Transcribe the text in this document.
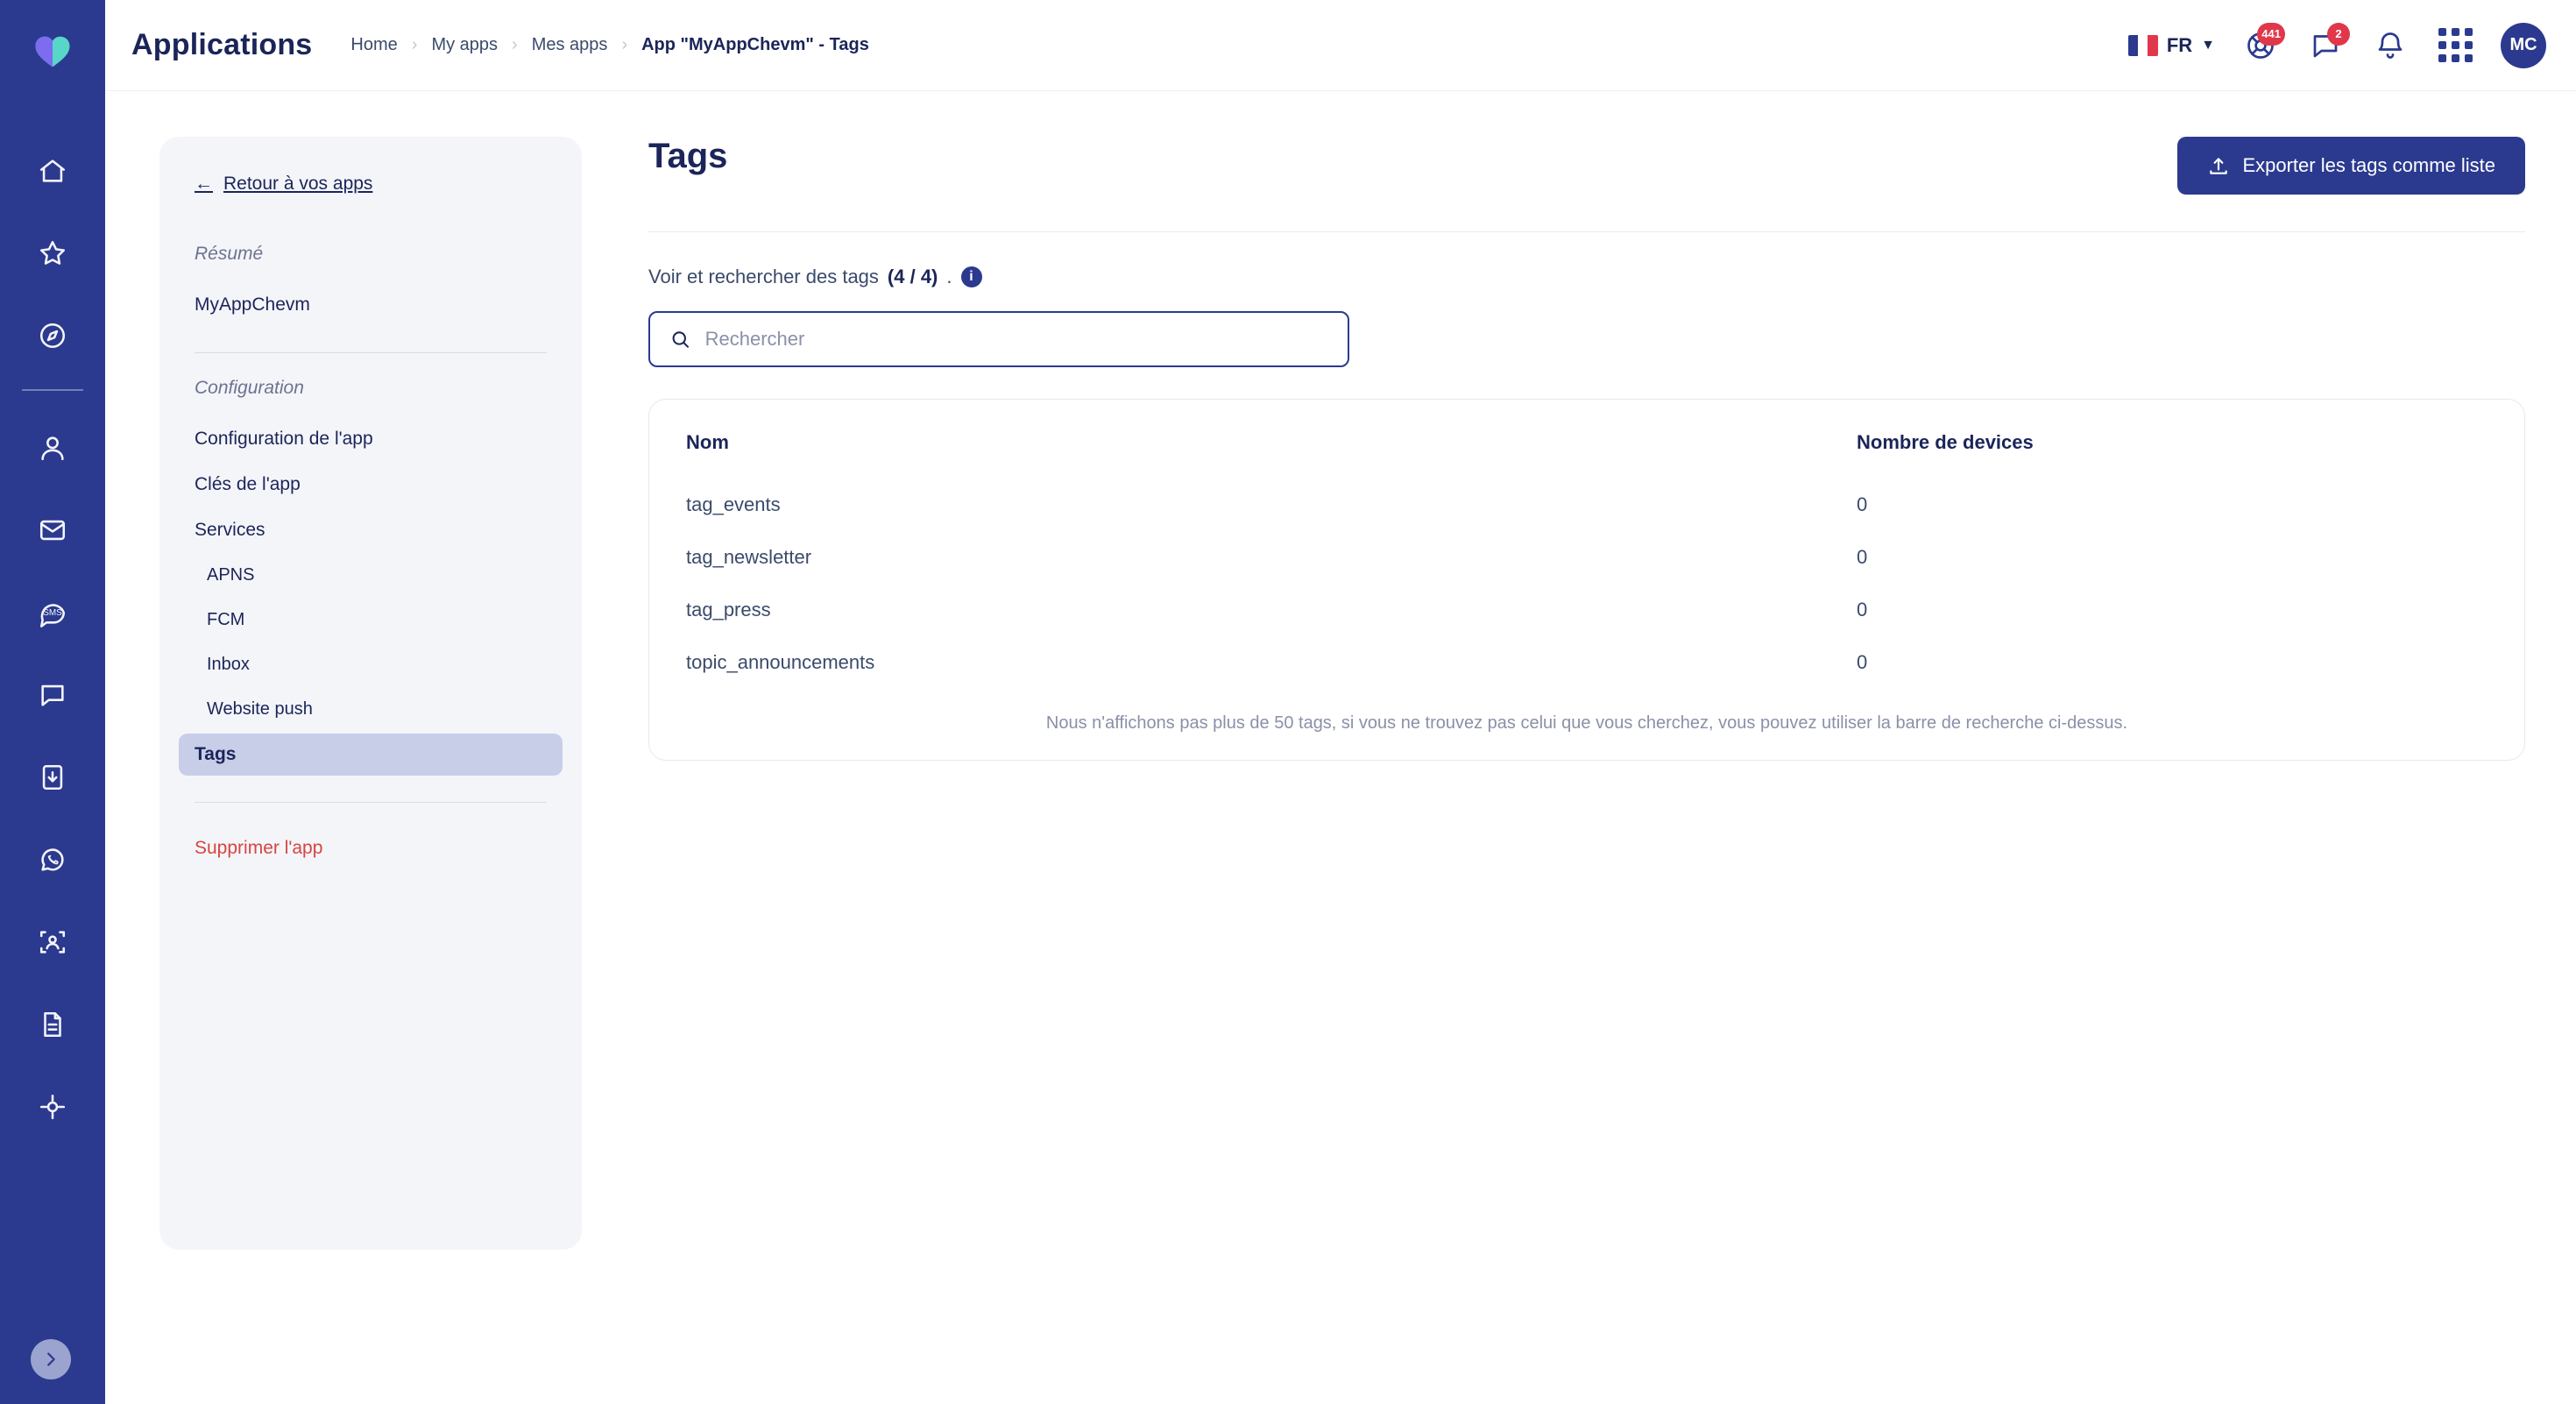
SMS
Applications	Home › My apps › Mes apps › App "MyAppChevm" - Tags	FR ▼
441	2
MC
← Retour à vos apps
Résumé
MyAppChevm
Configuration
Configuration de l'app
Clés de l'app
Services
APNS
FCM
Inbox
Website push
Tags
Supprimer l'app
Tags	Exporter les tags comme liste
Voir et rechercher des tags (4 / 4) .	i
Rechercher
Nom	Nombre de devices
tag_events	0
tag_newsletter	0
tag_press	0
topic_announcements	0
Nous n'affichons pas plus de 50 tags, si vous ne trouvez pas celui que vous cherchez, vous pouvez utiliser la barre de recherche ci-dessus.
